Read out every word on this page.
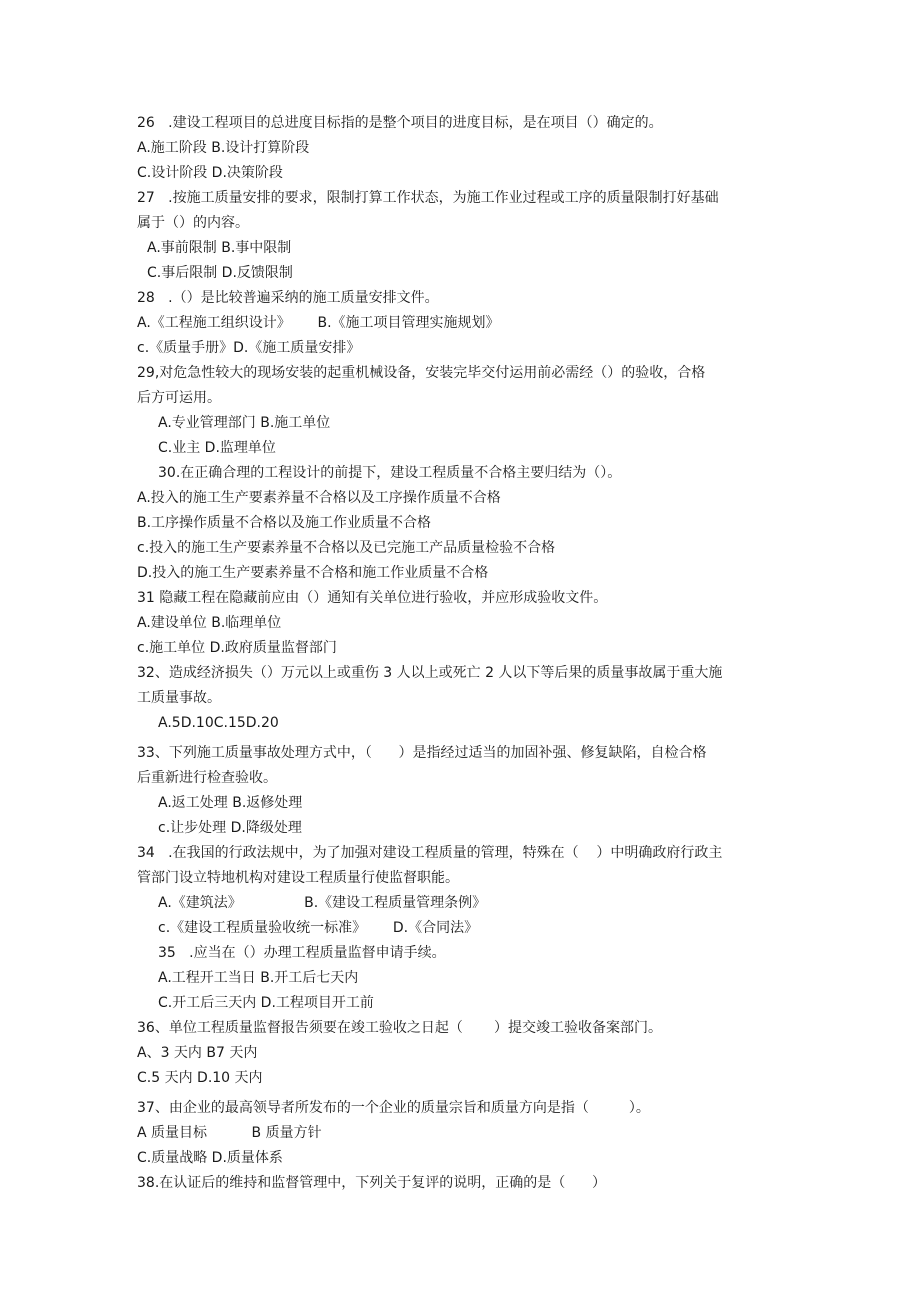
26   .建设工程项目的总进度目标指的是整个项目的进度目标，是在项目（）确定的。

A.施工阶段 B.设计打算阶段

C.设计阶段 D.决策阶段

27   .按施工质量安排的要求，限制打算工作状态，为施工作业过程或工序的质量限制打好基础

属于（）的内容。

A.事前限制 B.事中限制

C.事后限制 D.反馈限制

28   .（）是比较普遍采纳的施工质量安排文件。

A.《工程施工组织设计》      B.《施工项目管理实施规划》

c.《质量手册》D.《施工质量安排》

29,对危急性较大的现场安装的起重机械设备，安装完毕交付运用前必需经（）的验收，合格

后方可运用。

A.专业管理部门 B.施工单位

C.业主 D.监理单位

30.在正确合理的工程设计的前提下，建设工程质量不合格主要归结为（）。

A.投入的施工生产要素养量不合格以及工序操作质量不合格

B.工序操作质量不合格以及施工作业质量不合格

c.投入的施工生产要素养量不合格以及已完施工产品质量检验不合格

D.投入的施工生产要素养量不合格和施工作业质量不合格

31 隐藏工程在隐藏前应由（）通知有关单位进行验收，并应形成验收文件。

A.建设单位 B.临理单位

c.施工单位 D.政府质量监督部门

32、造成经济损失（）万元以上或重伤 3 人以上或死亡 2 人以下等后果的质量事故属于重大施

工质量事故。

A.5D.10C.15D.20

33、下列施工质量事故处理方式中，（      ）是指经过适当的加固补强、修复缺陷，自检合格

后重新进行检查验收。

A.返工处理 B.返修处理

c.让步处理 D.降级处理

34   .在我国的行政法规中，为了加强对建设工程质量的管理，特殊在（    ）中明确政府行政主

管部门设立特地机构对建设工程质量行使监督职能。

A.《建筑法》              B.《建设工程质量管理条例》

c.《建设工程质量验收统一标准》      D.《合同法》

35   .应当在（）办理工程质量监督申请手续。

A.工程开工当日 B.开工后七天内

C.开工后三天内 D.工程项目开工前

36、单位工程质量监督报告须要在竣工验收之日起（       ）提交竣工验收备案部门。

A、3 天内 B7 天内

C.5 天内 D.10 天内

37、由企业的最高领导者所发布的一个企业的质量宗旨和质量方向是指（         ）。

A 质量目标          B 质量方针

C.质量战略 D.质量体系

38.在认证后的维持和监督管理中，下列关于复评的说明，正确的是（      ）
